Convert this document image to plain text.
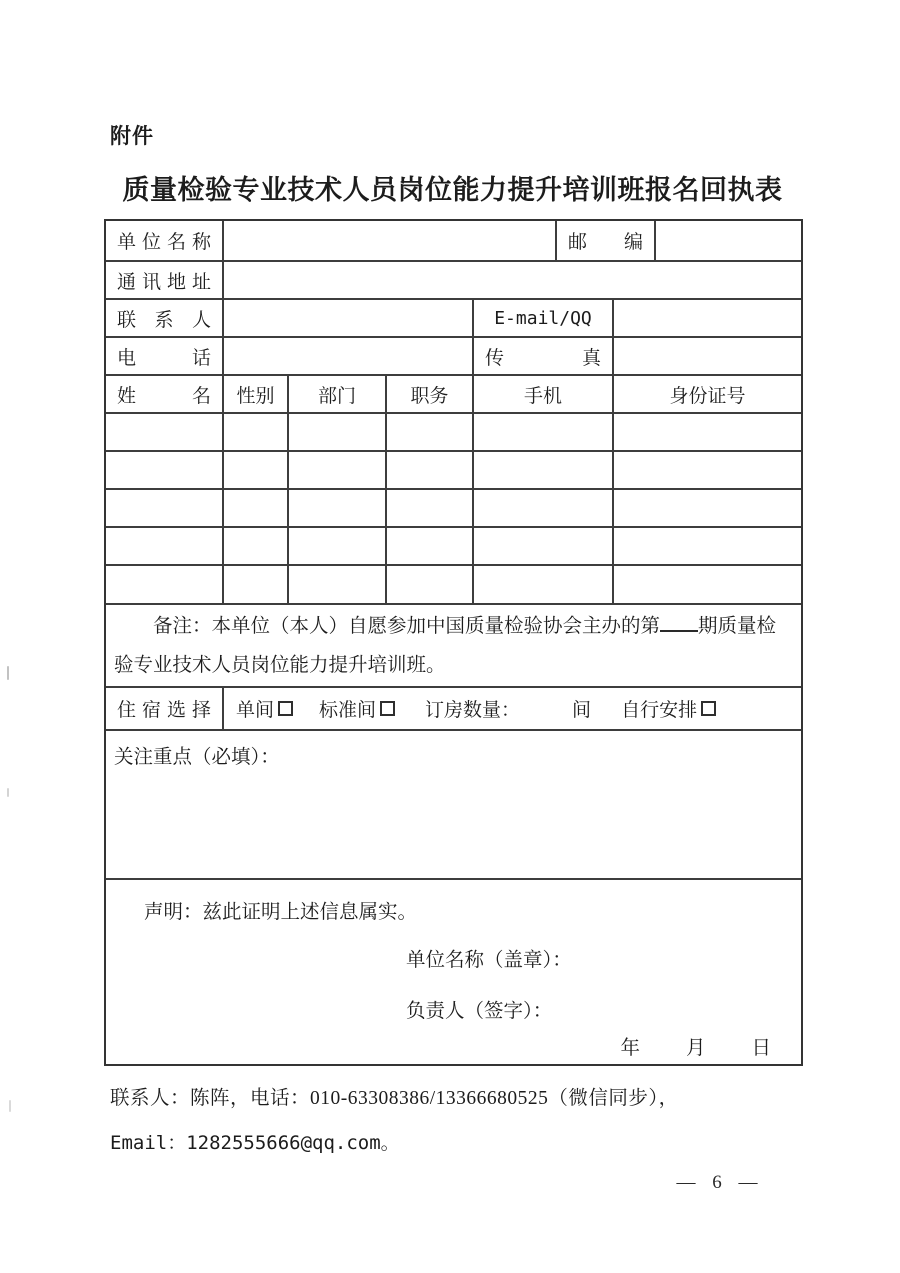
附件
质量检验专业技术人员岗位能力提升培训班报名回执表
单位名称	邮编
通讯地址
联系人	E-mail/QQ
电话	传真
姓名	性别	部门	职务	手机	身份证号

备注：本单位（本人）自愿参加中国质量检验协会主办的第 期质量检验专业技术人员岗位能力提升培训班。

住宿选择	单间 标准间	订房数量：	间 自行安排
关注重点（必填）：
声明：兹此证明上述信息属实。
单位名称（盖章）：
负责人（签字）：
年 月 日
联系人：陈阵，电话：010-63308386/13366680525（微信同步），
Email：1282555666@qq.com。
— 6 —
